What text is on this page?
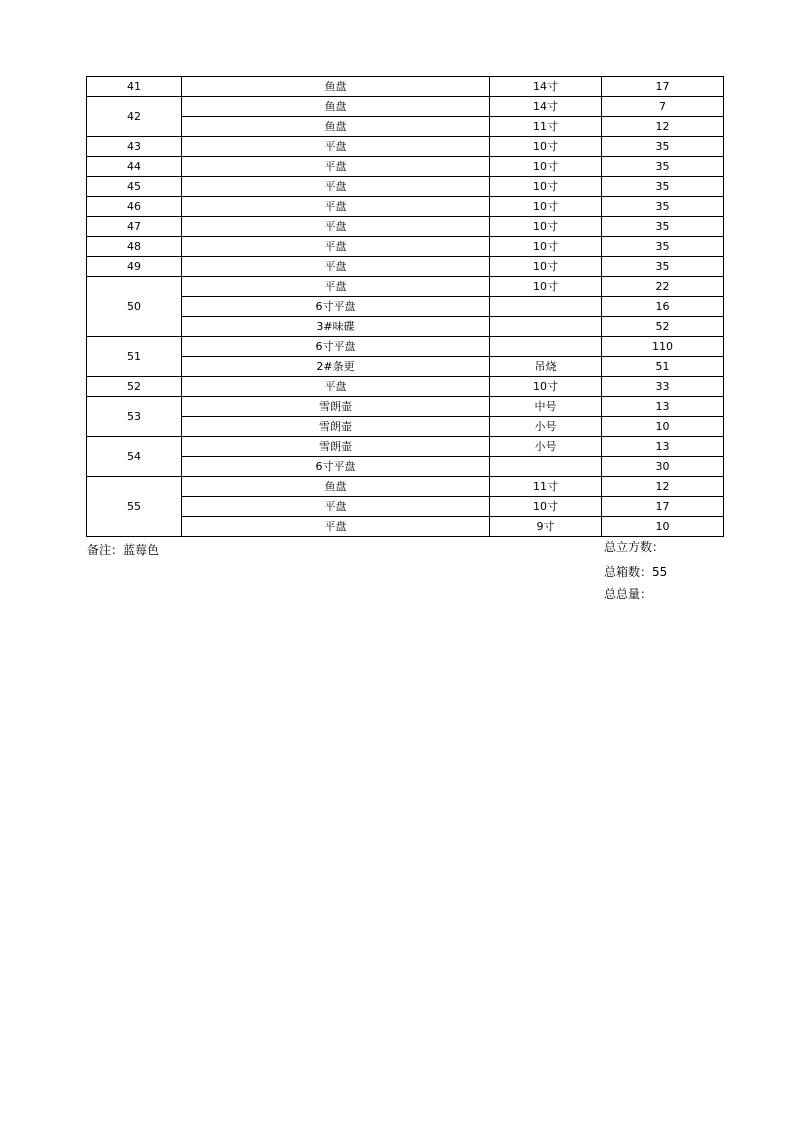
41	鱼盘	14寸	17
42	鱼盘	14寸	7
	鱼盘	11寸	12
43	平盘	10寸	35
44	平盘	10寸	35
45	平盘	10寸	35
46	平盘	10寸	35
47	平盘	10寸	35
48	平盘	10寸	35
49	平盘	10寸	35
50	平盘	10寸	22
	6寸平盘		16
	3#味碟		52
51	6寸平盘		110
	2#条更	吊烧	51
52	平盘	10寸	33
53	雪朗壶	中号	13
	雪朗壶	小号	10
54	雪朗壶	小号	13
	6寸平盘		30
55	鱼盘	11寸	12
	平盘	10寸	17
	平盘	9寸	10
备注：蓝莓色	总立方数：
总箱数：55
总总量：
